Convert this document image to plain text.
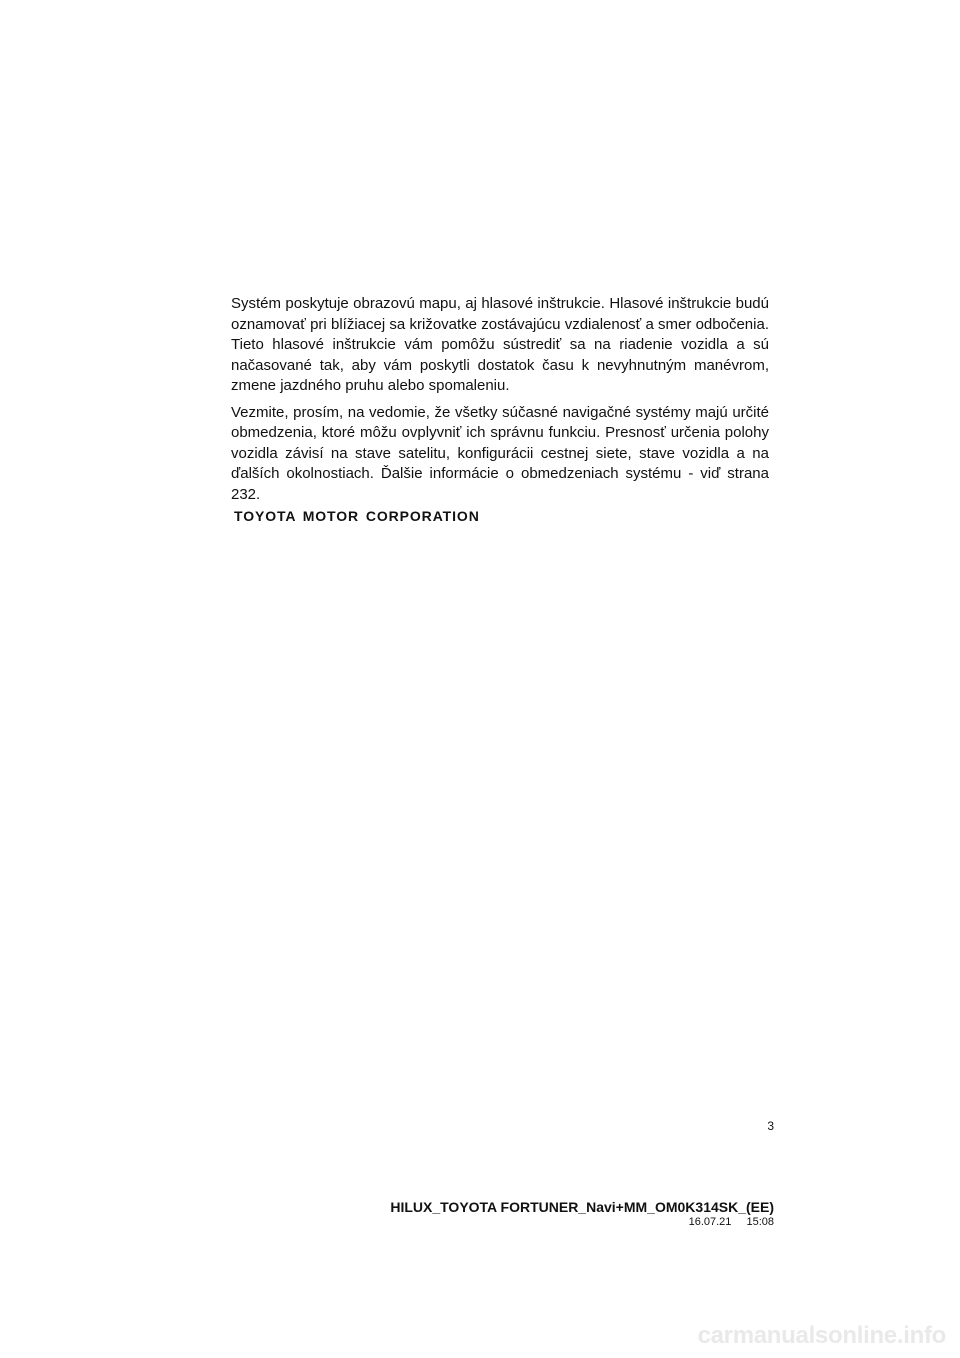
Systém poskytuje obrazovú mapu, aj hlasové inštrukcie. Hlasové inštrukcie budú oznamovať pri blížiacej sa križovatke zostávajúcu vzdialenosť a smer odbočenia. Tieto hlasové inštrukcie vám pomôžu sústrediť sa na riadenie vozidla a sú načasované tak, aby vám poskytli dostatok času k nevyhnutným manévrom, zmene jazdného pruhu alebo spomaleniu.

Vezmite, prosím, na vedomie, že všetky súčasné navigačné systémy majú určité obmedzenia, ktoré môžu ovplyvniť ich správnu funkciu. Presnosť určenia polohy vozidla závisí na stave satelitu, konfigurácii cestnej siete, stave vozidla a na ďalších okolnostiach. Ďalšie informácie o obmedzeniach systému - viď strana 232.

TOYOTA MOTOR CORPORATION
3
HILUX_TOYOTA FORTUNER_Navi+MM_OM0K314SK_(EE)
16.07.21 15:08
carmanualsonline.info
